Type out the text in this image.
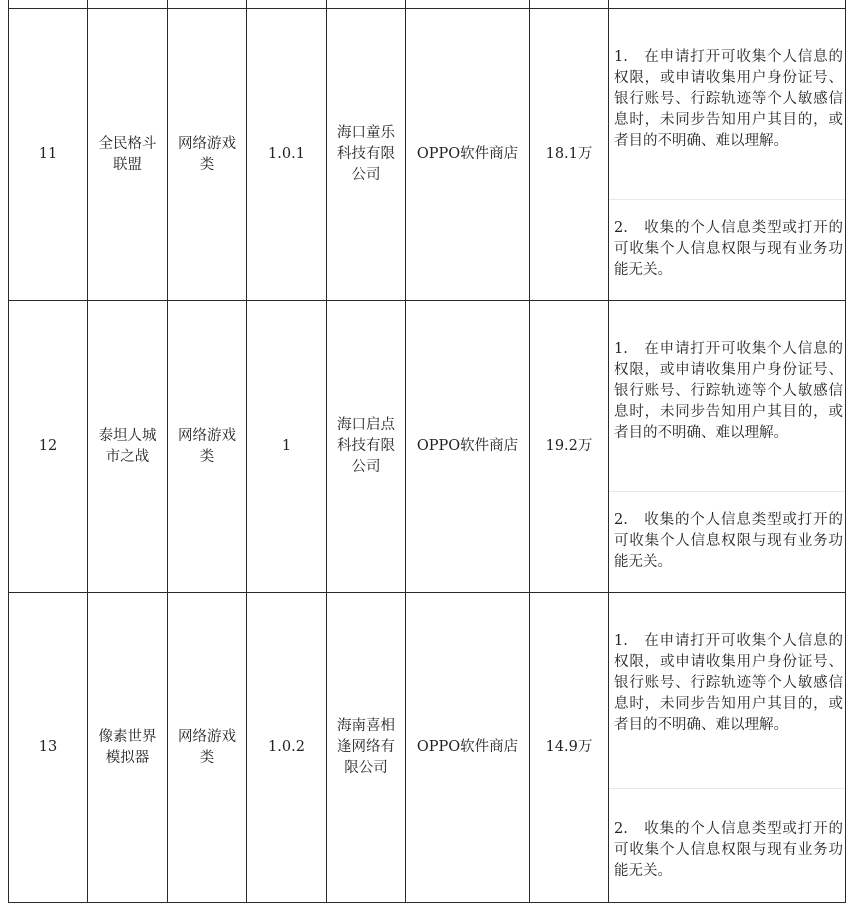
11	全民格斗联盟	网络游戏类	1.0.1	海口童乐科技有限公司	OPPO软件商店	18.1万	1.   在申请打开可收集个人信息的权限，或申请收集用户身份证号、银行账号、行踪轨迹等个人敏感信息时，未同步告知用户其目的，或者目的不明确、难以理解。
2.   收集的个人信息类型或打开的可收集个人信息权限与现有业务功能无关。

12	泰坦人城市之战	网络游戏类	1	海口启点科技有限公司	OPPO软件商店	19.2万	1.   在申请打开可收集个人信息的权限，或申请收集用户身份证号、银行账号、行踪轨迹等个人敏感信息时，未同步告知用户其目的，或者目的不明确、难以理解。
2.   收集的个人信息类型或打开的可收集个人信息权限与现有业务功能无关。

13	像素世界模拟器	网络游戏类	1.0.2	海南喜相逢网络有限公司	OPPO软件商店	14.9万	1.   在申请打开可收集个人信息的权限，或申请收集用户身份证号、银行账号、行踪轨迹等个人敏感信息时，未同步告知用户其目的，或者目的不明确、难以理解。
2.   收集的个人信息类型或打开的可收集个人信息权限与现有业务功能无关。
